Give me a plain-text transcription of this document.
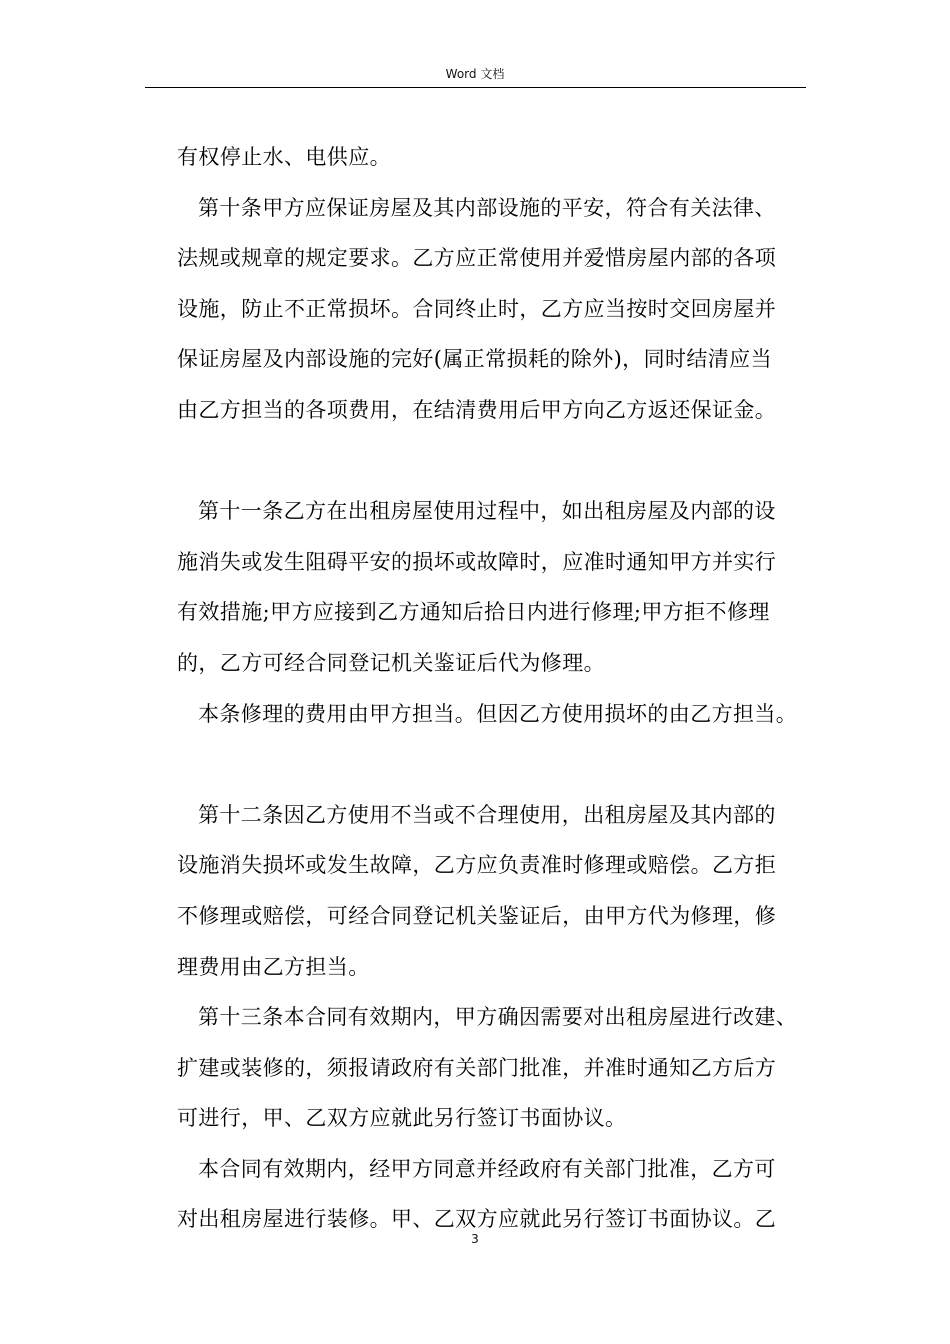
Word 文档
有权停止水、电供应。
第十条甲方应保证房屋及其内部设施的平安，符合有关法律、
法规或规章的规定要求。乙方应正常使用并爱惜房屋内部的各项
设施，防止不正常损坏。合同终止时，乙方应当按时交回房屋并
保证房屋及内部设施的完好(属正常损耗的除外)，同时结清应当
由乙方担当的各项费用，在结清费用后甲方向乙方返还保证金。
第十一条乙方在出租房屋使用过程中，如出租房屋及内部的设
施消失或发生阻碍平安的损坏或故障时，应准时通知甲方并实行
有效措施;甲方应接到乙方通知后拾日内进行修理;甲方拒不修理
的，乙方可经合同登记机关鉴证后代为修理。
本条修理的费用由甲方担当。但因乙方使用损坏的由乙方担当。
第十二条因乙方使用不当或不合理使用，出租房屋及其内部的
设施消失损坏或发生故障，乙方应负责准时修理或赔偿。乙方拒
不修理或赔偿，可经合同登记机关鉴证后，由甲方代为修理，修
理费用由乙方担当。
第十三条本合同有效期内，甲方确因需要对出租房屋进行改建、
扩建或装修的，须报请政府有关部门批准，并准时通知乙方后方
可进行，甲、乙双方应就此另行签订书面协议。
本合同有效期内，经甲方同意并经政府有关部门批准，乙方可
对出租房屋进行装修。甲、乙双方应就此另行签订书面协议。乙
3
